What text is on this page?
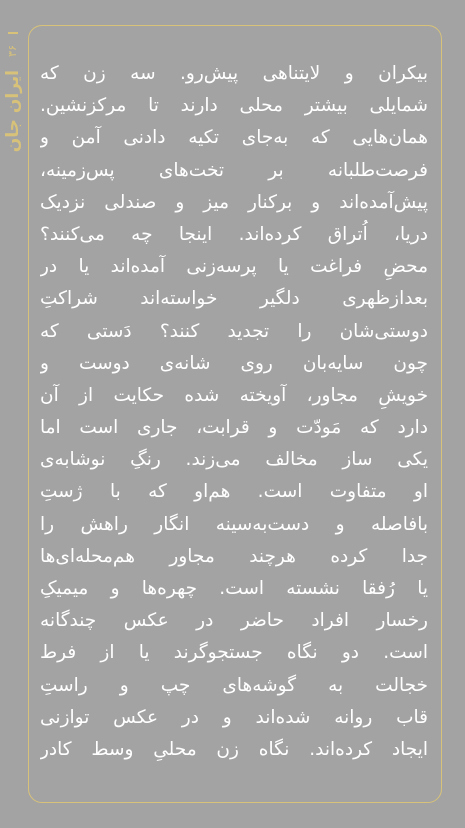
۳۶
ایران جان بیکران و لایتناهی پیش‌رو. سه زن که
شمایلی بیشتر محلی دارند تا مرکزنشین.
همان‌هایی که به‌جای تکیه دادنی آمن و
فرصت‌طلبانه بر تخت‌های پس‌زمینه،
پیش‌آمده‌اند و برکنار میز و صندلی نزدیک
دریا، اُتراق کرده‌اند. اینجا چه می‌کنند؟
محضِ فراغت یا پرسه‌زنی آمده‌اند یا در
بعدازظهری دلگیر خواسته‌اند شراکتِ
دوستی‌شان را تجدید کنند؟ دَستی که
چون سایه‌بان روی شانه‌ی دوست و
خویشِ مجاور، آویخته شده حکایت از آن
دارد که مَودّت و قرابت، جاری است اما
یکی ساز مخالف می‌زند. رنگِ نوشابه‌ی
او متفاوت است. هم‌او که با ژستِ
بافاصله و دست‌به‌سینه انگار راهش را
جدا کرده هرچند مجاور هم‌محله‌ای‌ها
یا رُفقا نشسته است. چهره‌ها و میمیکِ
رخسار افراد حاضر در عکس چندگانه
است. دو نگاه جستجوگرند یا از فرط
خجالت به گوشه‌های چپ و راستِ
قاب روانه شده‌اند و در عکس توازنی
ایجاد کرده‌اند. نگاه زن محلیِ وسط کادر
